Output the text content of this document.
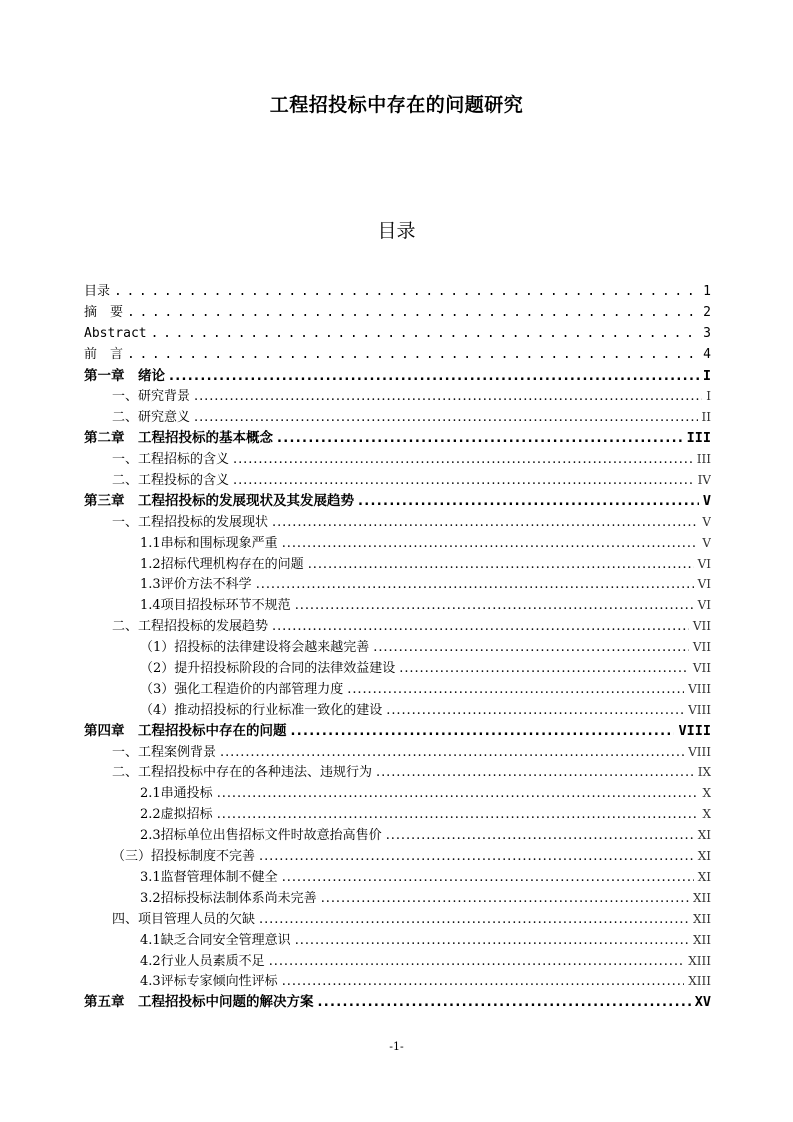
工程招投标中存在的问题研究
目录
目录 . . .	1
摘　要 . . .	2
Abstract . . .	3
前　言 . . .	4
第一章　绪论 . . .	I
一、研究背景 . . .	I
二、研究意义 . . .	II
第二章　工程招投标的基本概念 . . .	III
一、工程招标的含义 . . .	III
二、工程投标的含义 . . .	IV
第三章　工程招投标的发展现状及其发展趋势 . . .	V
一、工程招投标的发展现状 . . .	V
1.1串标和围标现象严重 . . .	V
1.2招标代理机构存在的问题 . . .	VI
1.3评价方法不科学 . . .	VI
1.4项目招投标环节不规范 . . .	VI
二、工程招投标的发展趋势 . . .	VII
（1）招投标的法律建设将会越来越完善 . . .	VII
（2）提升招投标阶段的合同的法律效益建设 . . .	VII
（3）强化工程造价的内部管理力度 . . .	VIII
（4）推动招投标的行业标准一致化的建设 . . .	VIII
第四章　工程招投标中存在的问题 . . .	VIII
一、工程案例背景 . . .	VIII
二、工程招投标中存在的各种违法、违规行为 . . .	IX
2.1串通投标 . . .	X
2.2虚拟招标 . . .	X
2.3招标单位出售招标文件时故意抬高售价 . . .	XI
（三）招投标制度不完善 . . .	XI
3.1监督管理体制不健全 . . .	XI
3.2招标投标法制体系尚未完善 . . .	XII
四、项目管理人员的欠缺 . . .	XII
4.1缺乏合同安全管理意识 . . .	XII
4.2行业人员素质不足 . . .	XIII
4.3评标专家倾向性评标 . . .	XIII
第五章　工程招投标中问题的解决方案 . . .	XV
-1-
